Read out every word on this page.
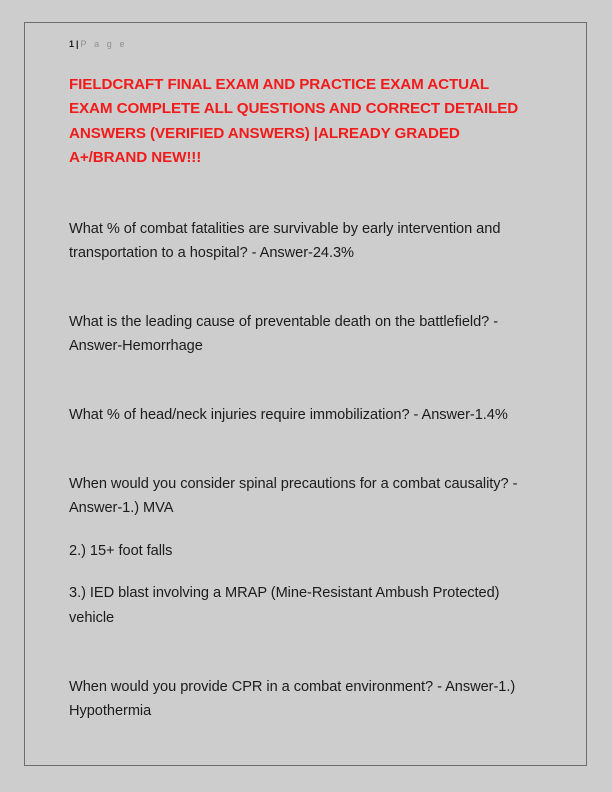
1 | P a g e
FIELDCRAFT FINAL EXAM AND PRACTICE EXAM ACTUAL EXAM COMPLETE ALL QUESTIONS AND CORRECT DETAILED ANSWERS (VERIFIED ANSWERS) |ALREADY GRADED A+/BRAND NEW!!!

What % of combat fatalities are survivable by early intervention and transportation to a hospital? - Answer-24.3%

What is the leading cause of preventable death on the battlefield? - Answer-Hemorrhage

What % of head/neck injuries require immobilization? - Answer-1.4%

When would you consider spinal precautions for a combat causality? - Answer-1.) MVA

2.) 15+ foot falls

3.) IED blast involving a MRAP (Mine-Resistant Ambush Protected) vehicle

When would you provide CPR in a combat environment? - Answer-1.) Hypothermia
